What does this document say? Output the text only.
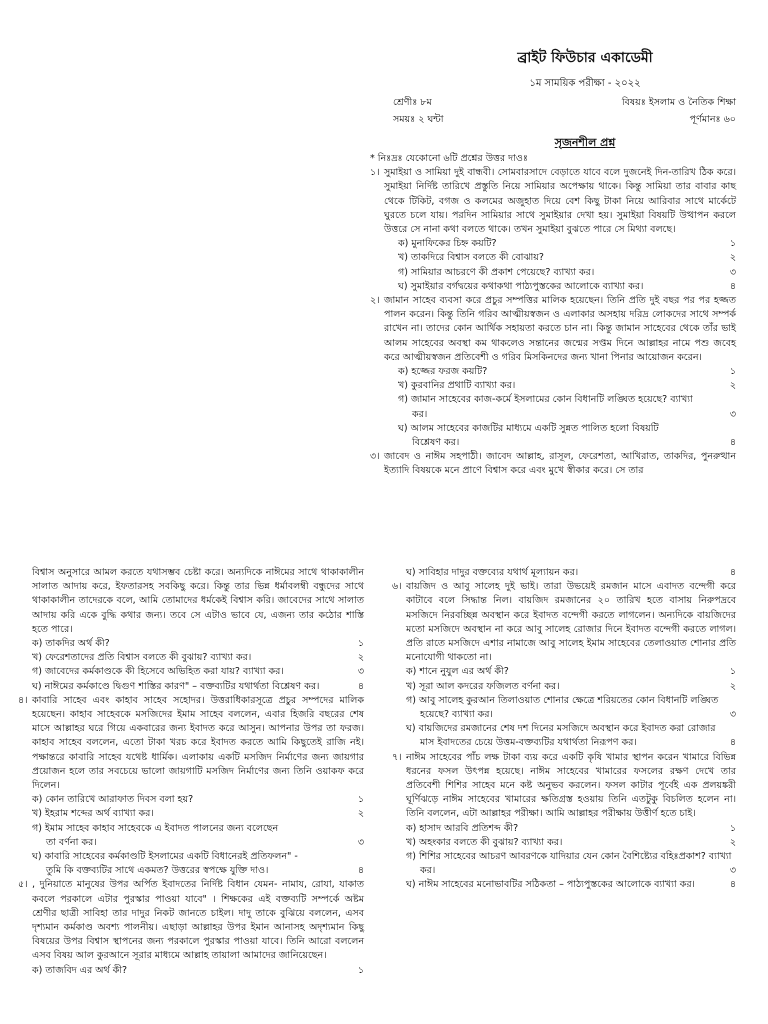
ব্রাইট ফিউচার একাডেমী
১ম সাময়িক পরীক্ষা - ২০২২
শ্রেণীঃ ৮ম	বিষয়ঃ ইসলাম ও নৈতিক শিক্ষা
সময়ঃ ২ ঘন্টা	পূর্ণমানঃ ৬০
সৃজনশীল প্রশ্ন

* নিঃদ্রঃ যেকোনো ৬টি প্রশ্নের উত্তর দাওঃ

১। সুমাইয়া ও সামিয়া দুই বান্ধবী। সোমবারসাদে বেড়াতে যাবে বলে দুজনেই দিন-তারিখ ঠিক করে। সুমাইয়া নির্দিষ্ট তারিখে প্রস্তুতি নিয়ে সামিয়ার অপেক্ষায় থাকে। কিন্তু সামিয়া তার বাবার কাছ থেকে টিকিট, বগজ ও কলমের অজুহাত দিয়ে বেশ কিছু টাকা নিয়ে আরিবার সাথে মার্কেটে ঘুরতে চলে যায়। পরদিন সামিয়ার সাথে সুমাইয়ার দেখা হয়। সুমাইয়া বিষয়টি উত্থাপন করলে উত্তরে সে নানা কথা বলতে থাকে। তখন সুমাইয়া বুঝতে পারে সে মিথ্যা বলছে।
ক) মুনাফিকের চিহ্ন কয়টি?	১
খ) তাকদিরে বিশ্বাস বলতে কী বোঝায়?	২
গ) সামিয়ার আচরণে কী প্রকাশ পেয়েছে? ব্যাখ্যা কর।	৩
ঘ) সুমাইয়ার বর্গদ্বয়ের কথাকথা পাঠ্যপুস্তকের আলোকে ব্যাখ্যা কর।	৪
২। জামান সাহেব ব্যবসা করে প্রচুর সম্পত্তির মালিক হয়েছেন। তিনি প্রতি দুই বছর পর পর হজ্জত পালন করেন। কিন্তু তিনি গরিব আত্মীয়স্বজন ও এলাকার অসহায় দরিদ্র লোকদের সাথে সম্পর্ক রাখেন না। তাদের কোন আর্থিক সহায়তা করতে চান না। কিন্তু জামান সাহেবের থেকে তাঁর ভাই আলম সাহেবের অবস্থা কম থাকলেও সন্তানের জন্মের সপ্তম দিনে আল্লাহর নামে পশু জবেহ করে আত্মীয়স্বজন প্রতিবেশী ও গরিব মিসকিনদের জন্য খানা পিনার আয়োজন করেন।
ক) হজ্জের ফরজ কয়টি?	১
খ) কুরবানির প্রথাটি ব্যাখ্যা কর।	২
গ) জামান সাহেবের কাজ-কর্মে ইসলামের কোন বিধানটি লঙ্ঘিত হয়েছে? ব্যাখ্যা
কর।	৩
ঘ) আলম সাহেবের কাজটির মাধ্যমে একটি সুন্নত পালিত হলো বিষয়টি
বিশ্লেষণ কর।	৪
৩। জাবেদ ও নাঈম সহপাঠী। জাবেদ আল্লাহ, রাসূল, ফেরেশতা, আখিরাত, তাকদির, পুনরুত্থান ইত্যাদি বিষয়কে মনে প্রাণে বিশ্বাস করে এবং মুখে স্বীকার করে। সে তার

বিশ্বাস অনুসারে আমল করতে যথাসম্ভব চেষ্টা করে। অন্যদিকে নাঈমের সাথে থাকাকালীন সালাত আদায় করে, ইফতারসহ সবকিছু করে। কিন্তু তার ভিন্ন ধর্মাবলম্বী বন্ধুদের সাথে থাকাকালীন তাদেরকে বলে, আমি তোমাদের ধর্মকেই বিশ্বাস করি। জাবেদের সাথে সালাত আদায় করি একে বুদ্ধি কথার জন্য। তবে সে এটাও ভাবে যে, এজন্য তার কঠোর শাস্তি হতে পারে।

ক) তাকদির অর্থ কী?	১
খ) ফেরেশতাদের প্রতি বিশ্বাস বলতে কী বুঝায়? ব্যাখ্যা কর।	২
গ) জাবেদের কর্মকাণ্ডকে কী হিসেবে অভিহিত করা যায়? ব্যাখ্যা কর।	৩
ঘ) নাঈমের কর্মকাণ্ডে দ্বিগুণ শাস্তির কারণ" – বক্তব্যটির যথার্থতা বিশ্লেষণ কর।	৪
৪। কাবারি সাহেব এবং কাহাব সাহেব সহোদর। উত্তরাধিকারসূত্রে প্রচুর সম্পদের মালিক হয়েছেন। কাহাব সাহেবকে মসজিদের ইমাম সাহেব বললেন, এবার হিজরি বছরের শেষ মাসে আল্লাহর ঘরে গিয়ে একবারের জন্য ইবাদত করে আসুন। আপনার উপর তা ফরজ। কাহাব সাহেব বললেন, এতো টাকা খরচ করে ইবাদত করতে আমি কিছুতেই রাজি নই। পক্ষান্তরে কাবারি সাহেব যথেষ্ট ধার্মিক। এলাকায় একটি মসজিদ নির্মাণের জন্য জায়গার প্রয়োজন হলে তার সবচেয়ে ভালো জায়গাটি মসজিদ নির্মাণের জন্য তিনি ওয়াকফ করে দিলেন।
ক) কোন তারিখে আরাফাত দিবস বলা হয়?	১
খ) ইহরাম শব্দের অর্থ ব্যাখ্যা কর।	২
গ) ইমাম সাহেব কাহাব সাহেবকে এ ইবাদত পালনের জন্য বলেছেন
তা বর্ণনা কর।	৩
ঘ) কাবারি সাহেবের কর্মকাণ্ডটি ইসলামের একটি বিধানেরই প্রতিফলন" -
তুমি কি বক্তব্যটির সাথে একমত? উত্তরের স্বপক্ষে যুক্তি দাও।	৪
৫। , দুনিয়াতে মানুষের উপর অর্পিত ইবাদতের নির্দিষ্ট বিধান যেমন- নামায, রোযা, যাকাত কবলে পরকালে এটার পুরস্কার পাওয়া যাবে" । শিক্ষকের এই বক্তব্যটি সম্পর্কে অষ্টম শ্রেণীর ছাত্রী সাবিহা তার দাদুর নিকট জানতে চাইল। দাদু তাকে বুঝিয়ে বললেন, এসব দৃশ্যমান কর্মকাণ্ড অবশ্য পালনীয়। এছাড়া আল্লাহর উপর ইমান আনাসহ অদৃশ্যমান কিছু বিষয়ের উপর বিশ্বাস স্থাপনের জন্য পরকালে পুরস্কার পাওয়া যাবে। তিনি আরো বললেন এসব বিষয় আল কুরআনে সূরার মাধ্যমে আল্লাহ তায়ালা আমাদের জানিয়েছেন।
ক) তাজবিদ এর অর্থ কী?	১
ঘ) সাবিহার দাদুর বক্তব্যের যথার্থ মূল্যায়ন কর।	৪
৬। বায়জিদ ও আবু সালেহ দুই ভাই। তারা উভয়েই রমজান মাসে এবাদত বন্দেগী করে কাটাবে বলে সিদ্ধান্ত নিল। বায়জিদ রমজানের ২০ তারিখ হতে বাসায় নিরুপদ্রবে মসজিদে নিরবচ্ছিন্ন অবস্থান করে ইবাদত বন্দেগী করতে লাগলেন। অন্যদিকে বায়জিদের মতো মসজিদে অবস্থান না করে আবু সালেহ রোজার দিনে ইবাদত বন্দেগী করতে লাগল। প্রতি রাতে মসজিদে এশার নামাজে আবু সালেহ ইমাম সাহেবের তেলাওয়াত শোনার প্রতি মনোযোগী থাকতো না।
ক) শানে নুযুল এর অর্থ কী?	১
খ) সূরা আল কদরের ফজিলত বর্ণনা কর।	২
গ) আবু সালেহ কুরআন তিলাওয়াত শোনার ক্ষেত্রে শরিয়তের কোন বিধানটি লঙ্ঘিত
হয়েছে? ব্যাখ্যা কর।	৩
ঘ) বায়জিদের রমজানের শেষ দশ দিনের মসজিদে অবস্থান করে ইবাদত করা রোজার
মাস ইবাদতের চেয়ে উত্তম-বক্তব্যটির যথার্থতা নিরূপণ কর।	৪
৭। নাঈম সাহেবের পাঁচ লক্ষ টাকা ব্যয় করে একটি কৃষি খামার স্থাপন করেন খামারে বিভিন্ন ধরনের ফসল উৎপন্ন হয়েছে। নাঈম সাহেবের খামারের ফসলের রক্ষণ দেখে তার প্রতিবেশী শিশির সাহেব মনে কষ্ট অনুভব করলেন। ফসল কাটার পূর্বেই এক প্রলয়ঙ্করী ঘূর্ণিঝড়ে নাঈম সাহেবের খামারের ক্ষতিগ্রস্ত হওয়ায় তিনি এতটুকু বিচলিত হলেন না। তিনি বললেন, এটা আল্লাহর পরীক্ষা। আমি আল্লাহর পরীক্ষায় উত্তীর্ণ হতে চাই।
ক) হাসাদ আরবি প্রতিশব্দ কী?	১
খ) অহংকার বলতে কী বুঝায়? ব্যাখ্যা কর।	২
গ) শিশির সাহেবের আচরণ আবরণকে যাদিয়ার যেন কোন বৈশিষ্ট্যের বহিঃপ্রকাশ? ব্যাখ্যা
কর।	৩
ঘ) নাঈম সাহেবের মনোভাবটির সঠিকতা – পাঠ্যপুস্তকের আলোকে ব্যাখ্যা কর।	৪
